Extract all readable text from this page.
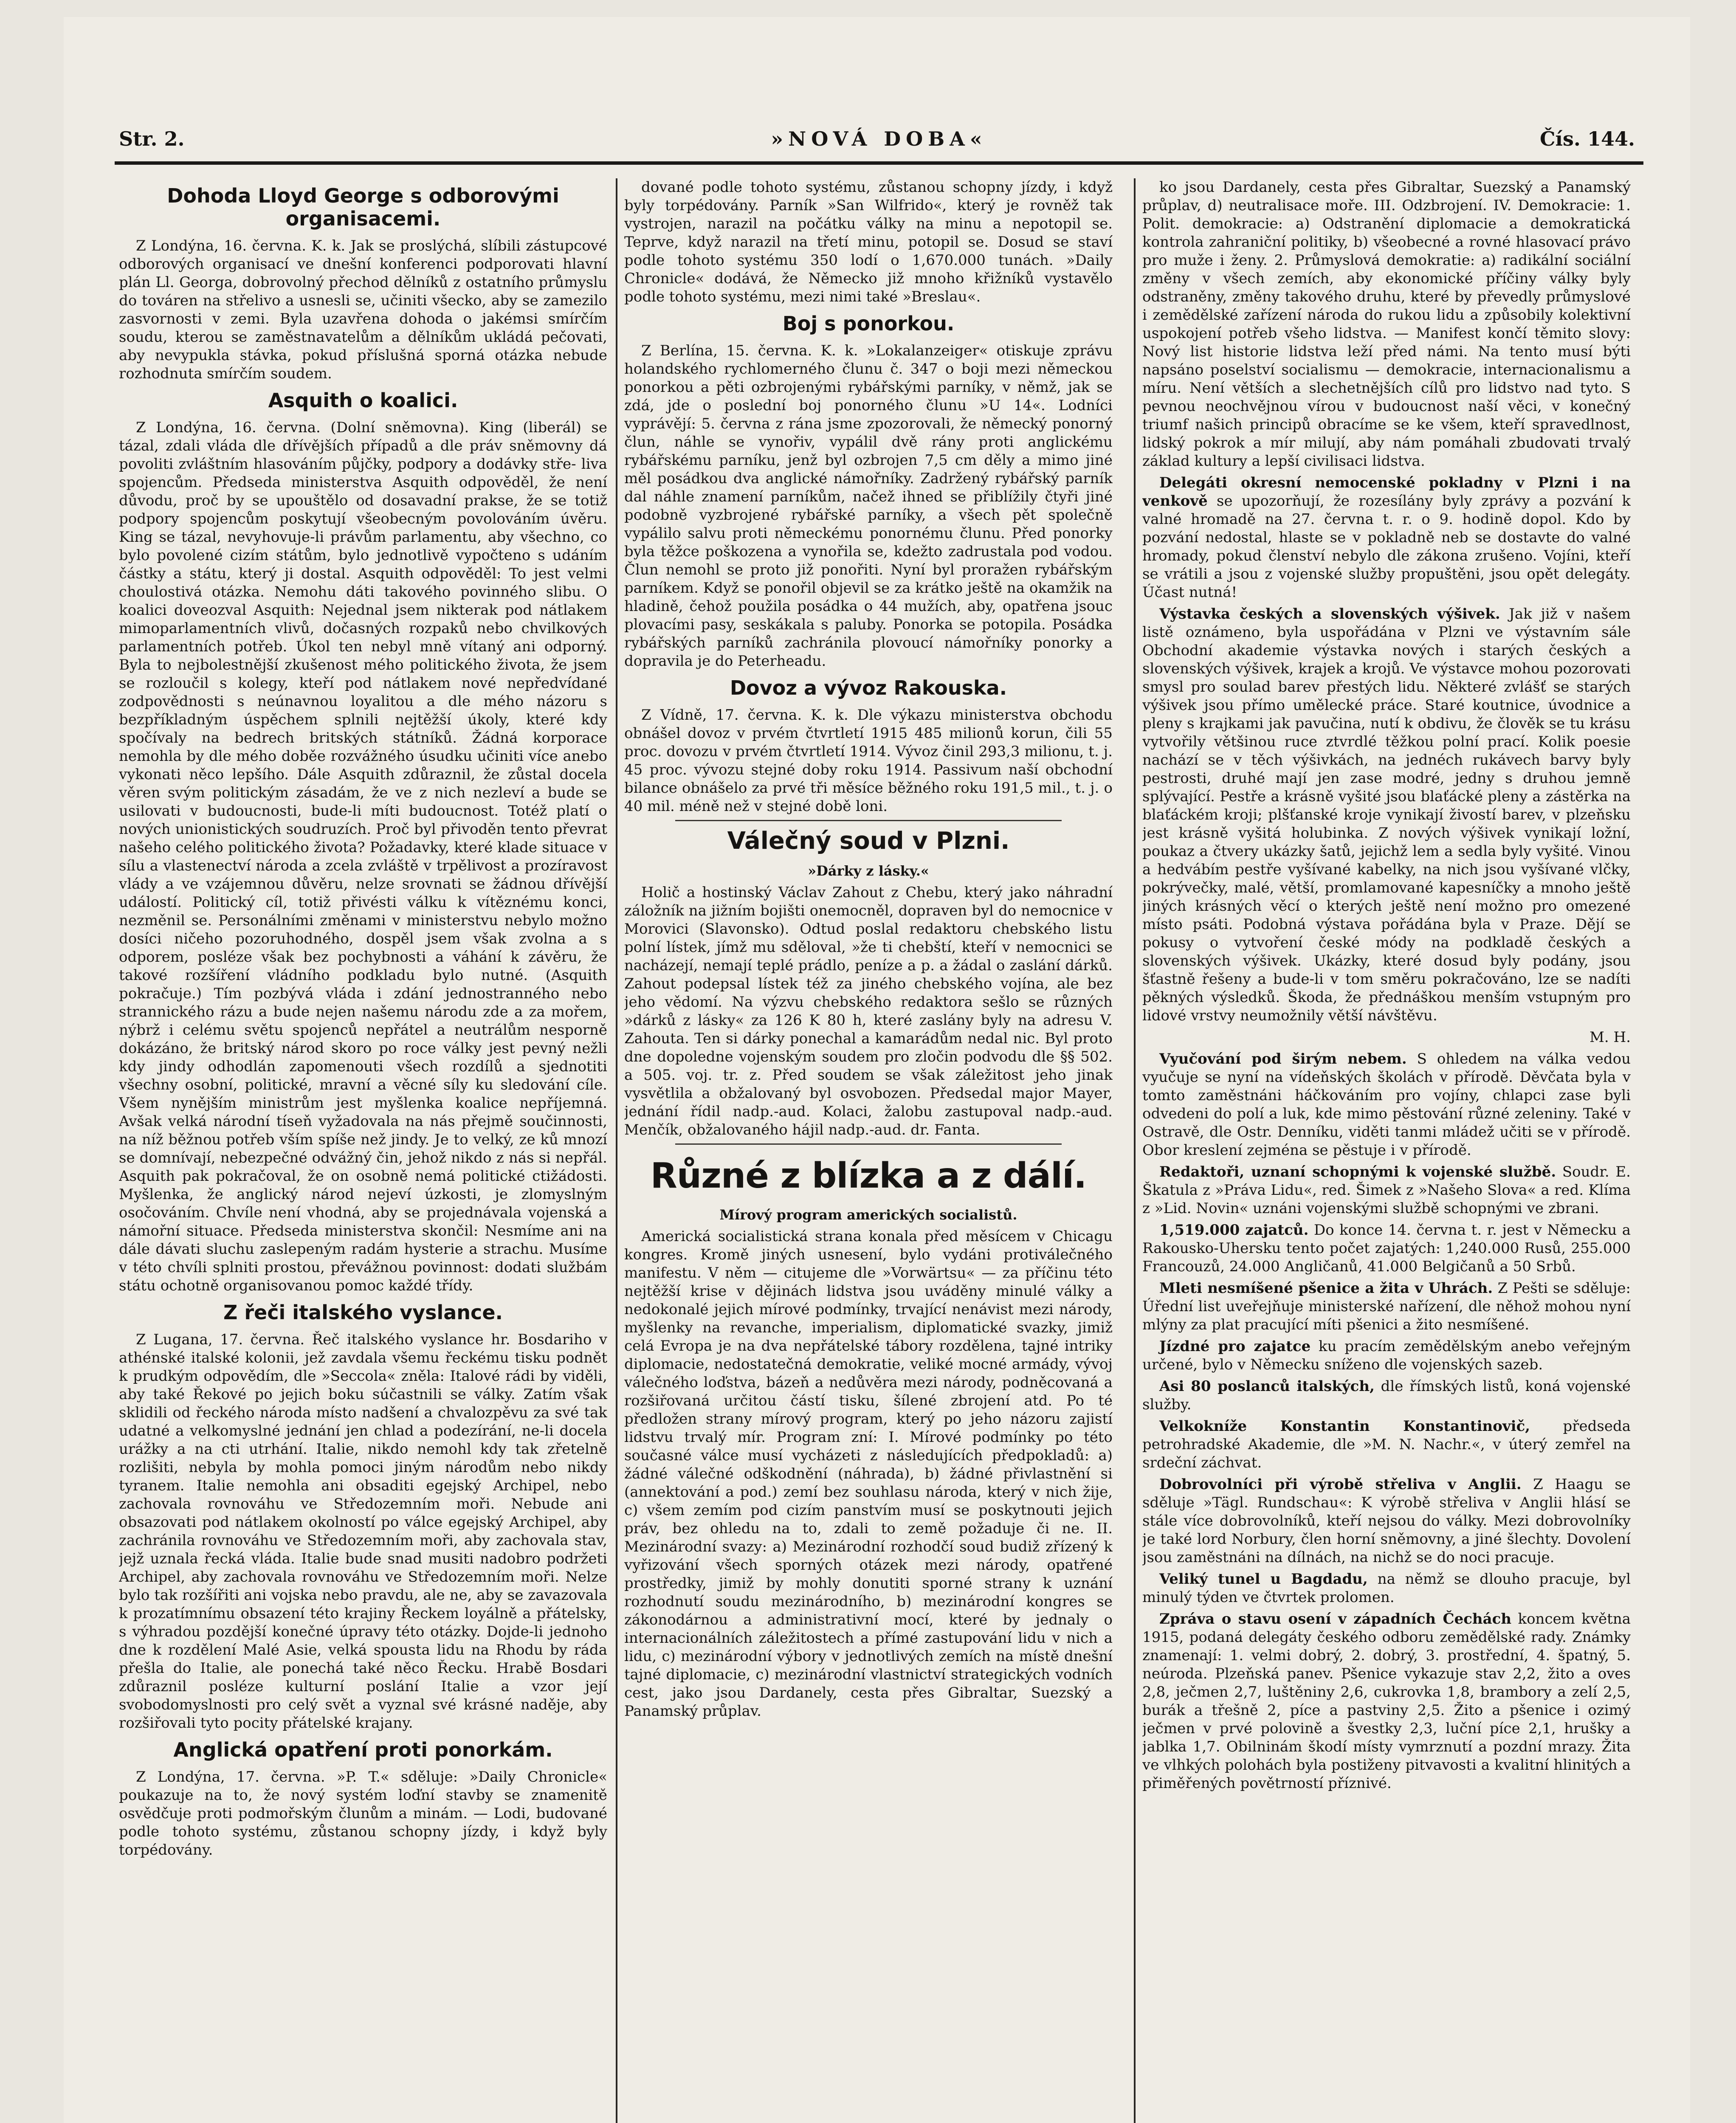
Str. 2.	»NOVÁ DOBA«	Čís. 144.
Dohoda Lloyd George s odborovými organisacemi.

Z Londýna, 16. června. K. k. Jak se proslýchá, slíbili zástupcové odborových organisací ve dnešní konferenci podporovati hlavní plán Ll. Georga, dobrovolný přechod dělníků z ostatního průmyslu do továren na střelivo a usnesli se, učiniti všecko, aby se zamezilo zasvornosti v zemi. Byla uzavřena dohoda o jakémsi smírčím soudu, kterou se zaměstnavatelům a dělníkům ukládá pečovati, aby nevypukla stávka, pokud příslušná sporná otázka nebude rozhodnuta smírčím soudem.

Asquith o koalici.

Z Londýna, 16. června. (Dolní sněmovna). King (liberál) se tázal, zdali vláda dle dřívějších případů a dle práv sněmovny dá povoliti zvláštním hlasováním půjčky, podpory a dodávky stře- liva spojencům. Předseda ministerstva Asquith odpověděl, že není důvodu, proč by se upouštělo od dosavadní prakse, že se totiž podpory spojencům poskytují všeobecným povolováním úvěru. King se tázal, nevyhovuje-li právům parlamentu, aby všechno, co bylo povolené cizím státům, bylo jednotlivě vypočteno s udáním částky a státu, který ji dostal. Asquith odpověděl: To jest velmi choulostivá otázka. Nemohu dáti takového povinného slibu. O koalici doveozval Asquith: Nejednal jsem nikterak pod nátlakem mimoparlamentních vlivů, dočasných rozpaků nebo chvilkových parlamentních potřeb. Úkol ten nebyl mně vítaný ani odporný. Byla to nejbolestnější zkušenost mého politického života, že jsem se rozloučil s kolegy, kteří pod nátlakem nové nepředvídané zodpovědnosti s neúnavnou loyalitou a dle mého názoru s bezpříkladným úspěchem splnili nejtěžší úkoly, které kdy spočívaly na bedrech britských státníků. Žádná korporace nemohla by dle mého doběe rozvážného úsudku učiniti více anebo vykonati něco lepšího. Dále Asquith zdůraznil, že zůstal docela věren svým politickým zásadám, že ve z nich nezleví a bude se usilovati v budoucnosti, bude-li míti budoucnost. Totéž platí o nových unionistických soudruzích. Proč byl přivoděn tento převrat našeho celého politického života? Požadavky, které klade situace v sílu a vlastenectví národa a zcela zvláště v trpělivost a prozíravost vlády a ve vzájemnou důvěru, nelze srovnati se žádnou dřívější událostí. Politický cíl, totiž přivésti válku k vítěznému konci, nezměnil se. Personálními změnami v ministerstvu nebylo možno dosíci ničeho pozoruhodného, dospěl jsem však zvolna a s odporem, posléze však bez pochybnosti a váhání k závěru, že takové rozšíření vládního podkladu bylo nutné. (Asquith pokračuje.) Tím pozbývá vláda i zdání jednostranného nebo strannického rázu a bude nejen našemu národu zde a za mořem, nýbrž i celému světu spojenců nepřátel a neutrálům nesporně dokázáno, že britský národ skoro po roce války jest pevný nežli kdy jindy odhodlán zapomenouti všech rozdílů a sjednotiti všechny osobní, politické, mravní a věcné síly ku sledování cíle. Všem nynějším ministrům jest myšlenka koalice nepříjemná. Avšak velká národní tíseň vyžadovala na nás přejmě součinnosti, na níž běžnou potřeb vším spíše než jindy. Je to velký, ze ků mnozí se domnívají, nebezpečné odvážný čin, jehož nikdo z nás si nepřál. Asquith pak pokračoval, že on osobně nemá politické ctižádosti. Myšlenka, že anglický národ nejeví úzkosti, je zlomyslným osočováním. Chvíle není vhodná, aby se projednávala vojenská a námořní situace. Předseda ministerstva skončil: Nesmíme ani na dále dávati sluchu zaslepeným radám hysterie a strachu. Musíme v této chvíli splniti prostou, převážnou povinnost: dodati službám státu ochotně organisovanou pomoc každé třídy.

Z řeči italského vyslance.

Z Lugana, 17. června. Řeč italského vyslance hr. Bosdariho v athénské italské kolonii, jež zavdala všemu řeckému tisku podnět k prudkým odpovědím, dle »Seccola« zněla: Italové rádi by viděli, aby také Řekové po jejich boku súčastnili se války. Zatím však sklidili od řeckého národa místo nadšení a chvalozpěvu za své tak udatné a velkomyslné jednání jen chlad a podezírání, ne-li docela urážky a na cti utrhání. Italie, nikdo nemohl kdy tak zřetelně rozlišiti, nebyla by mohla pomoci jiným národům nebo nikdy tyranem. Italie nemohla ani obsaditi egejský Archipel, nebo zachovala rovnováhu ve Středozemním moři. Nebude ani obsazovati pod nátlakem okolností po válce egejský Archipel, aby zachránila rovnováhu ve Středozemním moři, aby zachovala stav, jejž uznala řecká vláda. Italie bude snad musiti nadobro podržeti Archipel, aby zachovala rovnováhu ve Středozemním moři. Nelze bylo tak rozšířiti ani vojska nebo pravdu, ale ne, aby se zavazovala k prozatímnímu obsazení této krajiny Řeckem loyálně a přátelsky, s výhradou pozdější konečné úpravy této otázky. Dojde-li jednoho dne k rozdělení Malé Asie, velká spousta lidu na Rhodu by ráda přešla do Italie, ale ponechá také něco Řecku. Hrabě Bosdari zdůraznil posléze kulturní poslání Italie a vzor její svobodomyslnosti pro celý svět a vyznal své krásné naděje, aby rozšiřovali tyto pocity přátelské krajany.

Anglická opatření proti ponorkám.

Z Londýna, 17. června. »P. T.« sděluje: »Daily Chronicle« poukazuje na to, že nový systém loďní stavby se znamenitě osvědčuje proti podmořským člunům a minám. — Lodi, budované podle tohoto systému, zůstanou schopny jízdy, i když byly torpédovány.

dované podle tohoto systému, zůstanou schopny jízdy, i když byly torpédovány. Parník »San Wilfrido«, který je rovněž tak vystrojen, narazil na počátku války na minu a nepotopil se. Teprve, když narazil na třetí minu, potopil se. Dosud se staví podle tohoto systému 350 lodí o 1,670.000 tunách. »Daily Chronicle« dodává, že Německo již mnoho křižníků vystavělo podle tohoto systému, mezi nimi také »Breslau«.

Boj s ponorkou.

Z Berlína, 15. června. K. k. »Lokalanzeiger« otiskuje zprávu holandského rychlomerného člunu č. 347 o boji mezi německou ponorkou a pěti ozbrojenými rybářskými parníky, v němž, jak se zdá, jde o poslední boj ponorného člunu »U 14«. Lodníci vyprávějí: 5. června z rána jsme zpozorovali, že německý ponorný člun, náhle se vynořiv, vypálil dvě rány proti anglickému rybářskému parníku, jenž byl ozbrojen 7,5 cm děly a mimo jiné měl posádkou dva anglické námořníky. Zadržený rybářský parník dal náhle znamení parníkům, načež ihned se přiblížily čtyři jiné podobně vyzbrojené rybářské parníky, a všech pět společně vypálilo salvu proti německému ponornému člunu. Před ponorky byla těžce poškozena a vynořila se, kdežto zadrustala pod vodou. Člun nemohl se proto již ponořiti. Nyní byl proražen rybářským parníkem. Když se ponořil objevil se za krátko ještě na okamžik na hladině, čehož použila posádka o 44 mužích, aby, opatřena jsouc plovacími pasy, seskákala s paluby. Ponorka se potopila. Posádka rybářských parníků zachránila plovoucí námořníky ponorky a dopravila je do Peterheadu.

Dovoz a vývoz Rakouska.

Z Vídně, 17. června. K. k. Dle výkazu ministerstva obchodu obnášel dovoz v prvém čtvrtletí 1915 485 milionů korun, čili 55 proc. dovozu v prvém čtvrtletí 1914. Vývoz činil 293,3 milionu, t. j. 45 proc. vývozu stejné doby roku 1914. Passivum naší obchodní bilance obnášelo za prvé tři měsíce běžného roku 191,5 mil., t. j. o 40 mil. méně než v stejné době loni.

Válečný soud v Plzni.

»Dárky z lásky.«

Holič a hostinský Václav Zahout z Chebu, který jako náhradní záložník na jižním bojišti onemocněl, dopraven byl do nemocnice v Morovici (Slavonsko). Odtud poslal redaktoru chebského listu polní lístek, jímž mu sděloval, »že ti chebští, kteří v nemocnici se nacházejí, nemají teplé prádlo, peníze a p. a žádal o zaslání dárků. Zahout podepsal lístek též za jiného chebského vojína, ale bez jeho vědomí. Na výzvu chebského redaktora sešlo se různých »dárků z lásky« za 126 K 80 h, které zaslány byly na adresu V. Zahouta. Ten si dárky ponechal a kamarádům nedal nic. Byl proto dne dopoledne vojenským soudem pro zločin podvodu dle §§ 502. a 505. voj. tr. z. Před soudem se však záležitost jeho jinak vysvětlila a obžalovaný byl osvobozen. Předsedal major Mayer, jednání řídil nadp.-aud. Kolaci, žalobu zastupoval nadp.-aud. Menčík, obžalovaného hájil nadp.-aud. dr. Fanta.

Různé z blízka a z dálí.

Mírový program amerických socialistů.

Americká socialistická strana konala před měsícem v Chicagu kongres. Kromě jiných usnesení, bylo vydáni protiválečného manifestu. V něm — citujeme dle »Vorwärtsu« — za příčinu této nejtěžší krise v dějinách lidstva jsou uváděny minulé války a nedokonalé jejich mírové podmínky, trvající nenávist mezi národy, myšlenky na revanche, imperialism, diplomatické svazky, jimiž celá Evropa je na dva nepřátelské tábory rozdělena, tajné intriky diplomacie, nedostatečná demokratie, veliké mocné armády, vývoj válečného loďstva, bázeň a nedůvěra mezi národy, podněcovaná a rozšiřovaná určitou částí tisku, šílené zbrojení atd. Po té předložen strany mírový program, který po jeho názoru zajistí lidstvu trvalý mír. Program zní: I. Mírové podmínky po této současné válce musí vycházeti z následujících předpokladů: a) žádné válečné odškodnění (náhrada), b) žádné přivlastnění si (annektování a pod.) zemí bez souhlasu národa, který v nich žije, c) všem zemím pod cizím panstvím musí se poskytnouti jejich práv, bez ohledu na to, zdali to země požaduje či ne. II. Mezinárodní svazy: a) Mezinárodní rozhodčí soud budiž zřízený k vyřizování všech sporných otázek mezi národy, opatřené prostředky, jimiž by mohly donutiti sporné strany k uznání rozhodnutí soudu mezinárodního, b) mezinárodní kongres se zákonodárnou a administrativní mocí, které by jednaly o internacionálních záležitostech a přímé zastupování lidu v nich a lidu, c) mezinárodní výbory v jednotlivých zemích na místě dnešní tajné diplomacie, c) mezinárodní vlastnictví strategických vodních cest, jako jsou Dardanely, cesta přes Gibraltar, Suezský a Panamský průplav.

ko jsou Dardanely, cesta přes Gibraltar, Suezský a Panamský průplav, d) neutralisace moře. III. Odzbrojení. IV. Demokracie: 1. Polit. demokracie: a) Odstranění diplomacie a demokratická kontrola zahraniční politiky, b) všeobecné a rovné hlasovací právo pro muže i ženy. 2. Průmyslová demokratie: a) radikální sociální změny v všech zemích, aby ekonomické příčiny války byly odstraněny, změny takového druhu, které by převedly průmyslové i zemědělské zařízení národa do rukou lidu a způsobily kolektivní uspokojení potřeb všeho lidstva. — Manifest končí těmito slovy: Nový list historie lidstva leží před námi. Na tento musí býti napsáno poselství socialismu — demokracie, internacionalismu a míru. Není větších a slechetnějších cílů pro lidstvo nad tyto. S pevnou neochvějnou vírou v budoucnost naší věci, v konečný triumf našich principů obracíme se ke všem, kteří spravedlnost, lidský pokrok a mír milují, aby nám pomáhali zbudovati trvalý základ kultury a lepší civilisaci lidstva.

Delegáti okresní nemocenské pokladny v Plzni i na venkově se upozorňují, že rozesílány byly zprávy a pozvání k valné hromadě na 27. června t. r. o 9. hodině dopol. Kdo by pozvání nedostal, hlaste se v pokladně neb se dostavte do valné hromady, pokud členství nebylo dle zákona zrušeno. Vojíni, kteří se vrátili a jsou z vojenské služby propuštěni, jsou opět delegáty. Účast nutná!

Výstavka českých a slovenských výšivek. Jak již v našem listě oznámeno, byla uspořádána v Plzni ve výstavním sále Obchodní akademie výstavka nových i starých českých a slovenských výšivek, krajek a krojů. Ve výstavce mohou pozorovati smysl pro soulad barev přestých lidu. Některé zvlášť se starých výšivek jsou přímo umělecké práce. Staré koutnice, úvodnice a pleny s krajkami jak pavučina, nutí k obdivu, že člověk se tu krásu vytvořily většinou ruce ztvrdlé těžkou polní prací. Kolik poesie nachází se v těch výšivkách, na jednéch rukávech barvy byly pestrosti, druhé mají jen zase modré, jedny s druhou jemně splývající. Pestře a krásně vyšité jsou blaťácké pleny a zástěrka na blaťáckém kroji; plšťanské kroje vynikají živostí barev, v plzeňsku jest krásně vyšitá holubinka. Z nových výšivek vynikají ložní, poukaz a čtvery ukázky šatů, jejichž lem a sedla byly vyšité. Vinou a hedvábím pestře vyšívané kabelky, na nich jsou vyšívané vlčky, pokrývečky, malé, větší, promlamované kapesníčky a mnoho ještě jiných krásných věcí o kterých ještě není možno pro omezené místo psáti. Podobná výstava pořádána byla v Praze. Dějí se pokusy o vytvoření české módy na podkladě českých a slovenských výšivek. Ukázky, které dosud byly podány, jsou šťastně řešeny a bude-li v tom směru pokračováno, lze se nadíti pěkných výsledků. Škoda, že přednáškou menším vstupným pro lidové vrstvy neumožnily větší návštěvu.

M. H.

Vyučování pod širým nebem. S ohledem na válka vedou vyučuje se nyní na vídeňských školách v přírodě. Děvčata byla v tomto zaměstnáni háčkováním pro vojíny, chlapci zase byli odvedeni do polí a luk, kde mimo pěstování různé zeleniny. Také v Ostravě, dle Ostr. Denníku, viděti tanmi mládež učiti se v přírodě. Obor kreslení zejména se pěstuje i v přírodě.

Redaktoři, uznaní schopnými k vojenské službě. Soudr. E. Škatula z »Práva Lidu«, red. Šimek z »Našeho Slova« a red. Klíma z »Lid. Novin« uznáni vojenskými službě schopnými ve zbrani.

1,519.000 zajatců. Do konce 14. června t. r. jest v Německu a Rakousko-Uhersku tento počet zajatých: 1,240.000 Rusů, 255.000 Francouzů, 24.000 Angličanů, 41.000 Belgičanů a 50 Srbů.

Mleti nesmíšené pšenice a žita v Uhrách. Z Pešti se sděluje: Úřední list uveřejňuje ministerské nařízení, dle něhož mohou nyní mlýny za plat pracující míti pšenici a žito nesmíšené.

Jízdné pro zajatce ku pracím zemědělským anebo veřejným určené, bylo v Německu sníženo dle vojenských sazeb.

Asi 80 poslanců italských, dle římských listů, koná vojenské služby.

Velkokníže Konstantin Konstantinovič, předseda petrohradské Akademie, dle »M. N. Nachr.«, v úterý zemřel na srdeční záchvat.

Dobrovolníci při výrobě střeliva v Anglii. Z Haagu se sděluje »Tägl. Rundschau«: K výrobě střeliva v Anglii hlásí se stále více dobrovolníků, kteří nejsou do války. Mezi dobrovolníky je také lord Norbury, člen horní sněmovny, a jiné šlechty. Dovolení jsou zaměstnáni na dílnách, na nichž se do noci pracuje.

Veliký tunel u Bagdadu, na němž se dlouho pracuje, byl minulý týden ve čtvrtek prolomen.

Zpráva o stavu osení v západních Čechách koncem května 1915, podaná delegáty českého odboru zemědělské rady. Známky znamenají: 1. velmi dobrý, 2. dobrý, 3. prostřední, 4. špatný, 5. neúroda. Plzeňská panev. Pšenice vykazuje stav 2,2, žito a oves 2,8, ječmen 2,7, luštěniny 2,6, cukrovka 1,8, brambory a zelí 2,5, burák a třešně 2, píce a pastviny 2,5. Žito a pšenice i ozimý ječmen v prvé polovině a švestky 2,3, luční píce 2,1, hrušky a jablka 1,7. Obilninám škodí místy vymrznutí a pozdní mrazy. Žita ve vlhkých polohách byla postiženy pitvavosti a kvalitní hlinitých a přiměřených povětrností příznivé.
